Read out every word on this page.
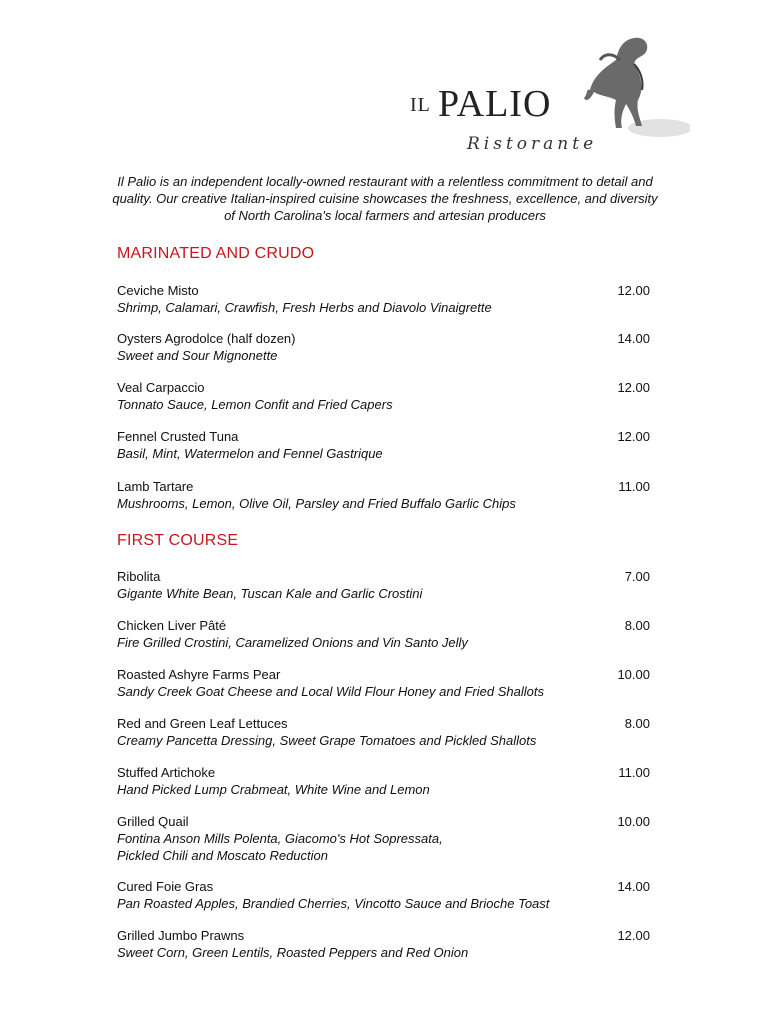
IL PALIO
Ristorante
Il Palio is an independent locally-owned restaurant with a relentless commitment to detail and quality. Our creative Italian-inspired cuisine showcases the freshness, excellence, and diversity of North Carolina's local farmers and artesian producers
MARINATED AND CRUDO
Ceviche Misto
Shrimp, Calamari, Crawfish, Fresh Herbs and Diavolo Vinaigrette
12.00
Oysters Agrodolce (half dozen)
Sweet and Sour Mignonette
14.00
Veal Carpaccio
Tonnato Sauce, Lemon Confit and Fried Capers
12.00
Fennel Crusted Tuna
Basil, Mint, Watermelon and Fennel Gastrique
12.00
Lamb Tartare
Mushrooms, Lemon, Olive Oil, Parsley and Fried Buffalo Garlic Chips
11.00
FIRST COURSE
Ribolita
Gigante White Bean, Tuscan Kale and Garlic Crostini
7.00
Chicken Liver Pâté
Fire Grilled Crostini, Caramelized Onions and Vin Santo Jelly
8.00
Roasted Ashyre Farms Pear
Sandy Creek Goat Cheese and Local Wild Flour Honey and Fried Shallots
10.00
Red and Green Leaf Lettuces
Creamy Pancetta Dressing, Sweet Grape Tomatoes and Pickled Shallots
8.00
Stuffed Artichoke
Hand Picked Lump Crabmeat, White Wine and Lemon
11.00
Grilled Quail
Fontina Anson Mills Polenta, Giacomo's Hot Sopressata,
Pickled Chili and Moscato Reduction
10.00
Cured Foie Gras
Pan Roasted Apples, Brandied Cherries, Vincotto Sauce and Brioche Toast
14.00
Grilled Jumbo Prawns
Sweet Corn, Green Lentils, Roasted Peppers and Red Onion
12.00
